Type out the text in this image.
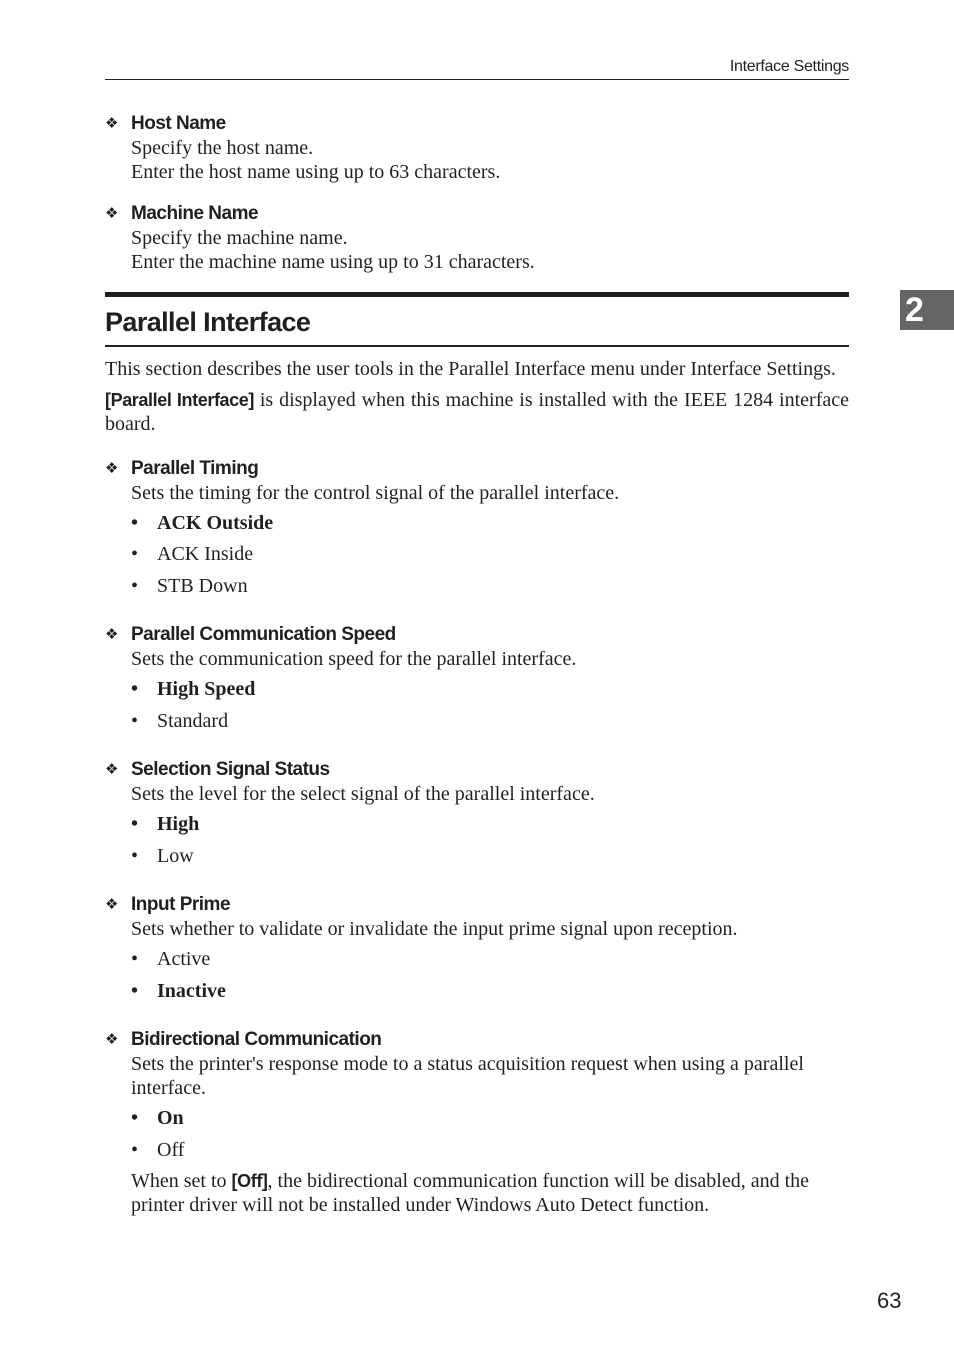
Interface Settings
2
❖ Host Name

Specify the host name.

Enter the host name using up to 63 characters.

❖ Machine Name

Specify the machine name.

Enter the machine name using up to 31 characters.

Parallel Interface

This section describes the user tools in the Parallel Interface menu under Interface Settings.

[Parallel Interface] is displayed when this machine is installed with the IEEE 1284 interface board.

❖ Parallel Timing

Sets the timing for the control signal of the parallel interface.

• ACK Outside
• ACK Inside
• STB Down
❖ Parallel Communication Speed

Sets the communication speed for the parallel interface.

• High Speed
• Standard
❖ Selection Signal Status

Sets the level for the select signal of the parallel interface.

• High
• Low
❖ Input Prime

Sets whether to validate or invalidate the input prime signal upon reception.

• Active
• Inactive
❖ Bidirectional Communication

Sets the printer's response mode to a status acquisition request when using a parallel interface.

• On
• Off

When set to [Off], the bidirectional communication function will be disabled, and the printer driver will not be installed under Windows Auto Detect function.

63
